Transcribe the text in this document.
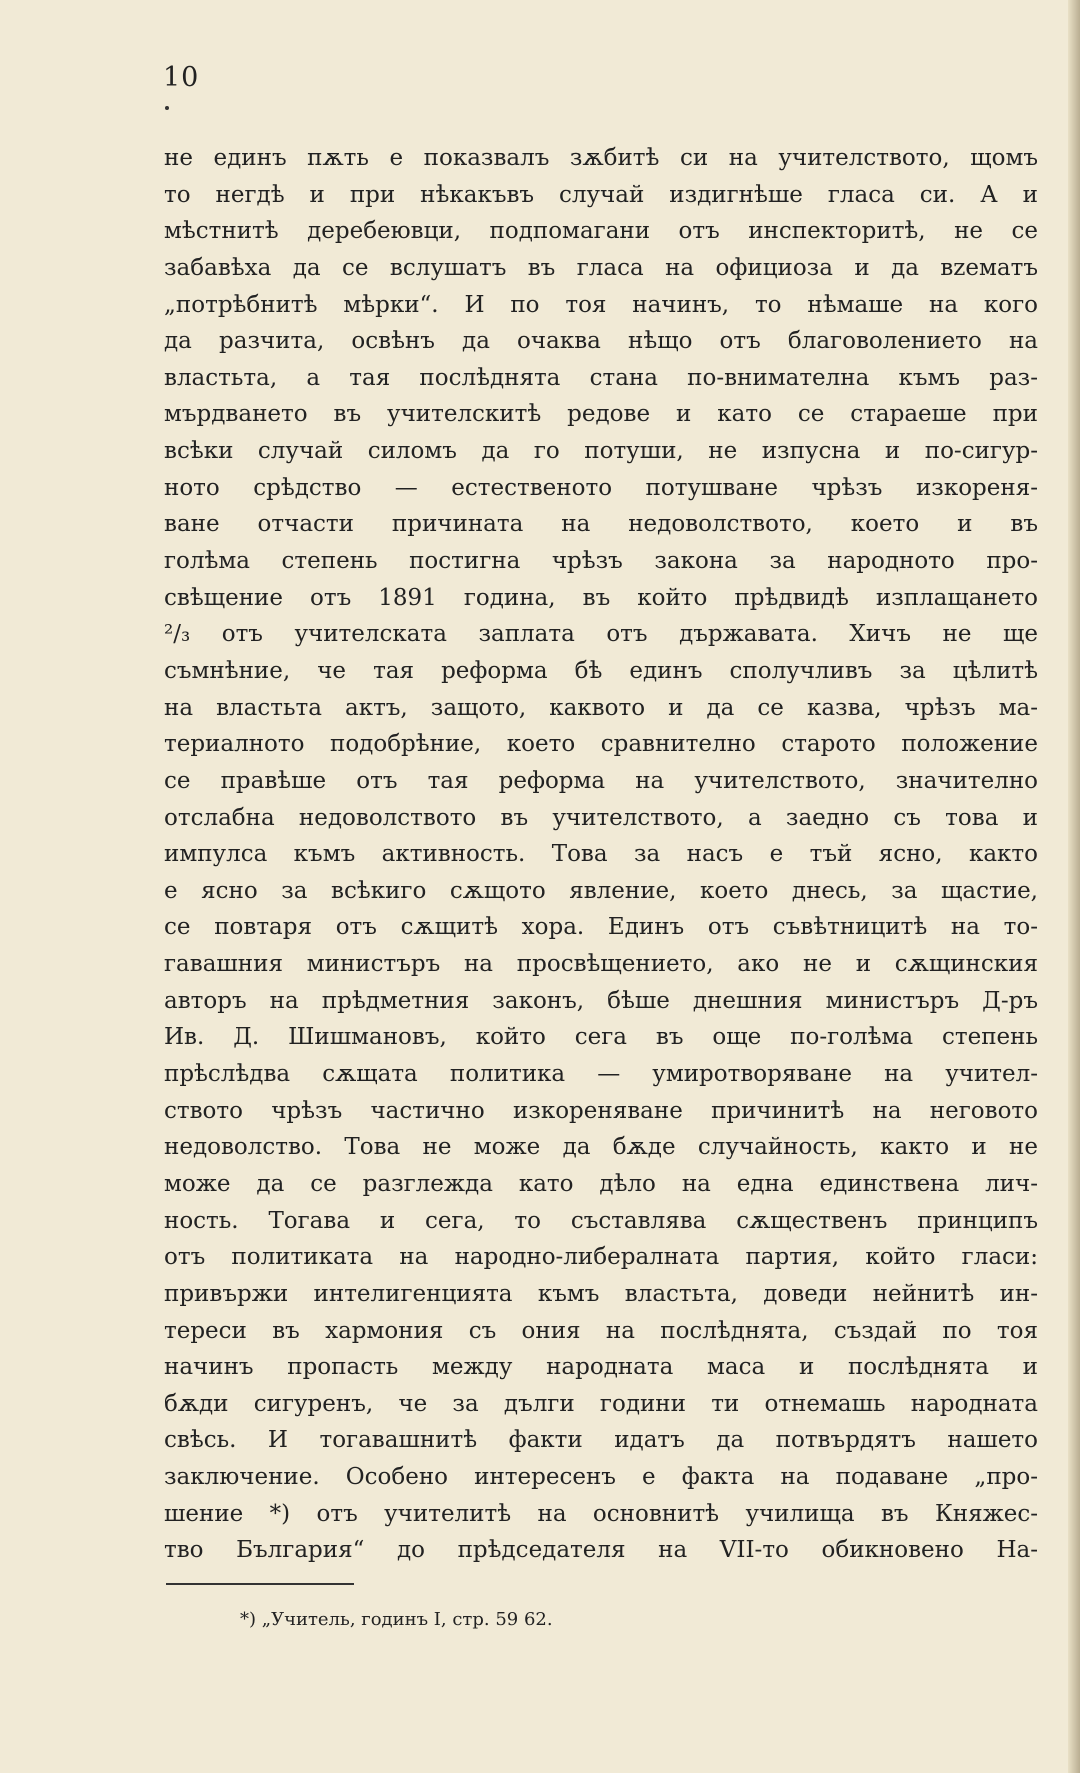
10
не единъ пѫть е показвалъ зѫбитѣ си на учителството, щомъ
то негдѣ и при нѣкакъвъ случай издигнѣше гласа си. А и
мѣстнитѣ деребеювци, подпомагани отъ инспекторитѣ, не се
забавѣха да се вслушатъ въ гласа на официоза и да вzематъ
„потрѣбнитѣ мѣрки“. И по тоя начинъ, то нѣмаше на кого
да разчита, освѣнъ да очаква нѣщо отъ благоволението на
властьта, а тая послѣднята стана по-внимателна къмъ раз-
мърдването въ учителскитѣ редове и като се стараеше при
всѣки случай силомъ да го потуши, не изпусна и по-сигур-
ното срѣдство — естественото потушване чрѣзъ изкореня-
ване отчасти причината на недоволството, което и въ
голѣма степень постигна чрѣзъ закона за народното про-
свѣщение отъ 1891 година, въ който прѣдвидѣ изплащането
²/₃ отъ учителската заплата отъ държавата. Хичъ не ще
съмнѣние, че тая реформа бѣ единъ сполучливъ за цѣлитѣ
на властьта актъ, защото, каквото и да се казва, чрѣзъ ма-
териалното подобрѣние, което сравнително старото положение
се правѣше отъ тая реформа на учителството, значително
отслабна недоволството въ учителството, а заедно съ това и
импулса къмъ активность. Това за насъ е тъй ясно, както
е ясно за всѣкиго сѫщото явление, което днесь, за щастие,
се повтаря отъ сѫщитѣ хора. Единъ отъ съвѣтницитѣ на то-
гавашния министъръ на просвѣщението, ако не и сѫщинския
авторъ на прѣдметния законъ, бѣше днешния министъръ Д-ръ
Ив. Д. Шишмановъ, който сега въ още по-голѣма степень
прѣслѣдва сѫщата политика — умиротворяване на учител-
ството чрѣзъ частично изкореняване причинитѣ на неговото
недоволство. Това не може да бѫде случайность, както и не
може да се разглежда като дѣло на една единствена лич-
ность. Тогава и сега, то съставлява сѫщественъ принципъ
отъ политиката на народно-либералната партия, който гласи:
привържи интелигенцията къмъ властьта, доведи нейнитѣ ин-
тереси въ хармония съ ония на послѣднята, създай по тоя
начинъ пропасть между народната маса и послѣднята и
бѫди сигуренъ, че за дълги години ти отнемашь народната
свѣсь. И тогавашнитѣ факти идатъ да потвърдятъ нашето
заключение. Особено интересенъ е факта на подаване „про-
шение *) отъ учителитѣ на основнитѣ училища въ Княжес-
тво България“ до прѣдседателя на VII-то обикновено На-
*) „Учитель, годинъ I, стр. 59 62.
